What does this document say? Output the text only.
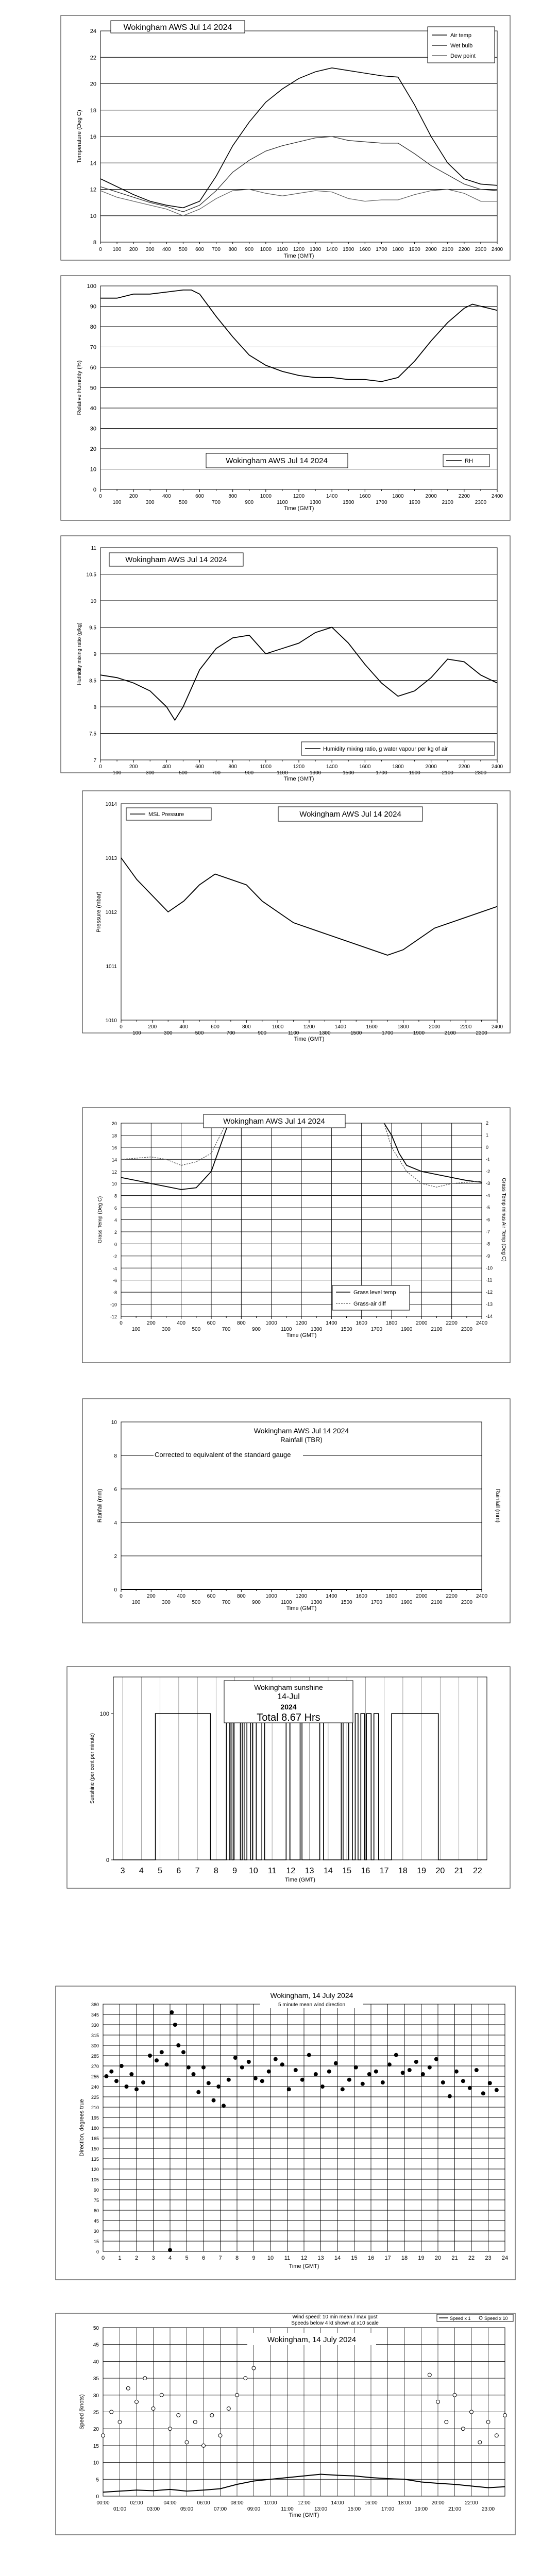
8
10
12
14
16
18
20
22
24
0 100 200 300 400 500 600 700 800 900 1000 1100 1200 1300 1400 1500 1600 1700 1800 1900 2000 2100 2200 2300 2400
Wokingham AWS Jul 14 2024
Air temp
Wet bulb
Dew point
Time (GMT)
Temperature (Deg C)
0
10
20
30
40
50
60
70
80
90
100
0	200	400	600	800	1000	1200	1400	1600	1800	2000	2200	2400
100	300	500	700	900	1100	1300	1500	1700	1900	2100	2300
Time (GMT)
Wokingham AWS Jul 14 2024	RH
Relative Humidity (%)
7
7.5
8
8.5
9
9.5
10
10.5
11
0	200	400	600	800	1000	1200	1400	1600	1800	2000	2200	2400
100	300	500	700	900	1100	1300	1500	1700	1900	2100	2300
Time (GMT)
Wokingham AWS Jul 14 2024
Humidity mixing ratio, g water vapour per kg of air
Humidity mixing ratio (g/kg)
1010
1011
1012
1013
1014
0	200	400	600	800	1000	1200	1400	1600	1800	2000	2200	2400
100	300	500	700	900	1100	1300	1500	1700	1900	2100	2300
Time (GMT)
MSL Pressure	Wokingham AWS Jul 14 2024
Pressure (mbar)
-12
-10
-8
-6
-4
-2
0
2
4
6
8
10
12
14
16
18
20
-14
-13
-12
-11
-10
-9
-8
-7
-6
-5
-4
-3
-2
-1
0
1
2
0	200	400	600	800	1000	1200	1400	1600	1800	2000	2200	2400
100	300	500	700	900	1100	1300	1500	1700	1900	2100	2300
Time (GMT)
Wokingham AWS Jul 14 2024
Grass level temp
Grass-air diff
Grass Temp (Deg C)	Grass Temp minus Air Temp (Deg C)
0
2
4
6
8
10
0	200	400	600	800	1000	1200	1400	1600	1800	2000	2200	2400
100	300	500	700	900	1100	1300	1500	1700	1900	2100	2300
Time (GMT)
Wokingham AWS Jul 14 2024
Rainfall (TBR)
Corrected to equivalent of the standard gauge
Rainfall (mm)	Rainfall (mm)
3 4 5 6 7 8 9 10 11 12 13 14 15 16 17 18 19 20 21 22
0
100
Wokingham sunshine
14-Jul
2024
Total 8.67 Hrs
Time (GMT)
Sunshine (per cent per minute)
0
15
30
45
60
75
90
105
120
135
150
165
180
195
210
225
240
255
270
285
300
315
330
345
360
0 1 2 3 4 5 6 7 8 9 10 11 12 13 14 15 16 17 18 19 20 21 22 23 24
Wokingham, 14 July 2024
5 minute mean wind direction
Time (GMT)
Direction, degrees true
0
5
10
15
20
25
30
35
40
45
50
00:00	02:00	04:00	06:00	08:00	10:00	12:00	14:00	16:00	18:00	20:00	22:00
01:00	03:00	05:00	07:00	09:00	11:00	13:00	15:00	17:00	19:00	21:00	23:00
Time (GMT)
Wind speed: 10 min mean / max gust
Speeds below 4 kt shown at x10 scale
Speed x 1	Speed x 10
Wokingham, 14 July 2024
Speed (knots)
